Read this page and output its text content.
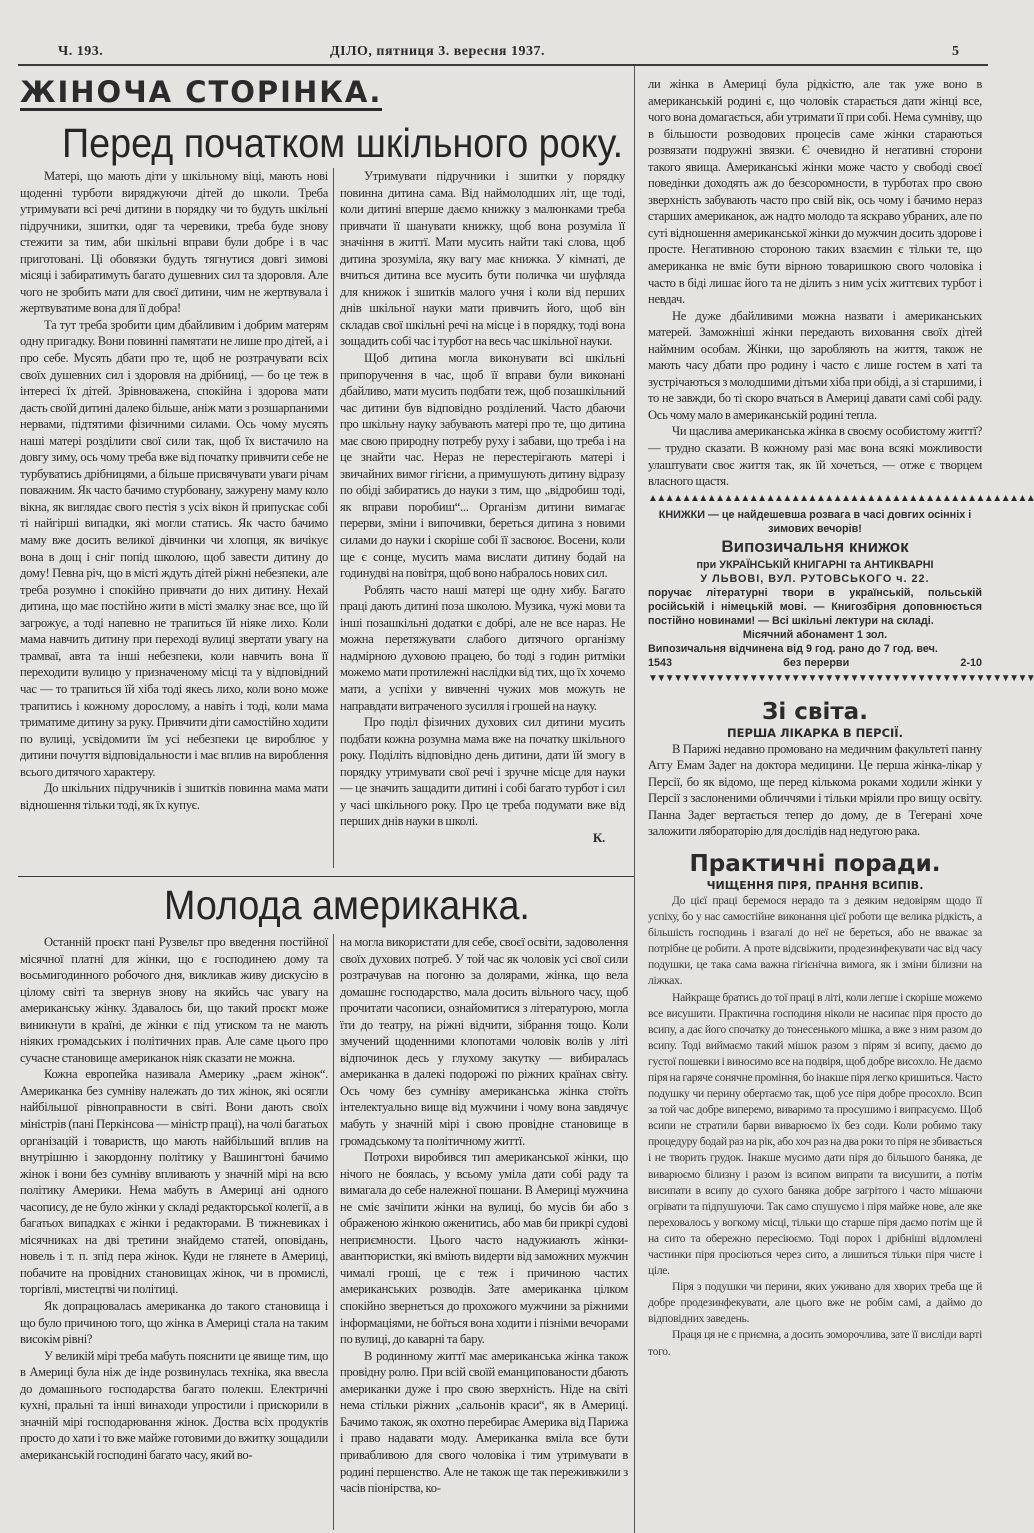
Ч. 193.	ДІЛО, пятниця 3. вересня 1937.	5
ЖІНОЧА СТОРІНКА.
Перед початком шкільного року.

Матері, що мають діти у шкільному віці, мають нові щоденні турботи виряджуючи дітей до школи. Треба утримувати всі речі дитини в порядку чи то будуть шкільні підручники, зшитки, одяг та черевики, треба буде знову стежити за тим, аби шкільні вправи були добре і в час приготовані. Ці обовязки будуть тягнутися довгі зимові місяці і забиратимуть багато душевних сил та здоровля. Але чого не зробить мати для своєї дитини, чим не жертвувала і жертвуватиме вона для її добра!

Та тут треба зробити цим дбайливим і добрим матерям одну пригадку. Вони повинні памятати не лише про дітей, а і про себе. Мусять дбати про те, щоб не розтрачувати всіх своїх душевних сил і здоровля на дрібниці, — бо це теж в інтересі їх дітей. Зрівноважена, спокійна і здорова мати дасть своїй дитині далеко більше, аніж мати з розшарпаними нервами, підтятими фізичними силами. Ось чому мусять наші матері розділити свої сили так, щоб їх вистачило на довгу зиму, ось чому треба вже від початку привчити себе не турбуватись дрібницями, а більше присвячувати уваги річам поважним. Як часто бачимо стурбовану, зажурену маму коло вікна, як виглядає свого пестія з усіх вікон й припускає собі ті найгірші випадки, які могли статись. Як часто бачимо маму вже досить великої дівчинки чи хлопця, як вичікує вона в дощ і сніг попід школою, щоб завести дитину до дому! Певна річ, що в місті ждуть дітей ріжні небезпеки, але треба розумно і спокійно привчати до них дитину. Нехай дитина, що має постійно жити в місті змалку знає все, що їй загрожує, а тоді напевно не трапиться їй ніяке лихо. Коли мама навчить дитину при переході вулиці звертати увагу на трамваї, авта та інші небезпеки, коли навчить вона її переходити вулицю у призначеному місці та у відповідний час — то трапиться їй хіба тоді якесь лихо, коли воно може трапитись і кожному дорослому, а навіть і тоді, коли мама триматиме дитину за руку. Привчити діти самостійно ходити по вулиці, усвідомити їм усі небезпеки це вироблює у дитини почуття відповідальности і має вплив на вироблення всього дитячого характеру.

До шкільних підручників і зшитків повинна мама мати відношення тільки тоді, як їх купує.

Утримувати підручники і зшитки у порядку повинна дитина сама. Від наймолодших літ, ще тоді, коли дитині вперше даємо книжку з малюнками треба привчати її шанувати книжку, щоб вона розуміла її значіння в життї. Мати мусить найти такі слова, щоб дитина зрозуміла, яку вагу має книжка. У кімнаті, де вчиться дитина все мусить бути поличка чи шуфляда для книжок і зшитків малого учня і коли від перших днів шкільної науки мати привчить його, щоб він складав свої шкільні речі на місце і в порядку, тоді вона зощадить собі час і турбот на весь час шкільної науки.

Щоб дитина могла виконувати всі шкільні припоручення в час, щоб її вправи були виконані дбайливо, мати мусить подбати теж, щоб позашкільний час дитини був відповідно розділений. Часто дбаючи про шкільну науку забувають матері про те, що дитина має свою природну потребу руху і забави, що треба і на це знайти час. Нераз не перестерігають матері і звичайних вимог гігієни, а примушують дитину відразу по обіді забиратись до науки з тим, що „відробиш тоді, як вправи поробиш“... Організм дитини вимагає перерви, зміни і випочивки, береться дитина з новими силами до науки і скоріше собі її засвоює. Восени, коли ще є сонце, мусить мама вислати дитину бодай на годинудві на повітря, щоб воно набралось нових сил.

Роблять часто наші матері ще одну хибу. Багато праці дають дитині поза школою. Музика, чужі мови та інші позашкільні додатки є добрі, але не все нараз. Не можна перетяжувати слабого дитячого організму надмірною духовою працею, бо тоді з годин ритміки можемо мати протилежні наслідки від тих, що їх хочемо мати, а успіхи у вивченні чужих мов можуть не направдати витраченого зусилля і грошей на науку.

Про поділ фізичних духових сил дитини мусить подбати кожна розумна мама вже на початку шкільного року. Поділіть відповідно день дитини, дати їй змогу в порядку утримувати свої речі і зручне місце для науки — це значить защадити дитині і собі багато турбот і сил у часі шкільного року. Про це треба подумати вже від перших днів науки в школі.

К.

Молода американка.

Останній проєкт пані Рузвельт про введення постійної місячної платні для жінки, що є господинею дому та восьмигодинного робочого дня, викликав живу дискусію в цілому світі та звернув знову на якийсь час увагу на американську жінку. Здавалось би, що такий проєкт може виникнути в країні, де жінки є під утиском та не мають ніяких громадських і політичних прав. Але саме цього про сучасне становище американок ніяк сказати не можна.

Кожна европейка називала Америку „раєм жінок“. Американка без сумніву належать до тих жінок, які осягли найбільшої рівноправности в світі. Вони дають своїх міністрів (пані Перкінсова — міністр праці), на чолі багатьох організацій і товариств, що мають найбільший вплив на внутрішню і закордонну політику у Вашингтоні бачимо жінок і вони без сумніву впливають у значній мірі на всю політику Америки. Нема мабуть в Америці ані одного часопису, де не було жінки у складі редакторської колегії, а в багатьох випадках є жінки і редакторами. В тижневиках і місячниках на дві третини знайдемо статей, оповідань, новель і т. п. зпід пера жінок. Куди не глянете в Америці, побачите на провідних становищах жінок, чи в промислі, торгівлі, мистецтві чи політиці.

Як допрацювалась американка до такого становища і що було причиною того, що жінка в Америці стала на таким високім рівні?

У великій мірі треба мабуть пояснити це явище тим, що в Америці була ніж де інде розвинулась техніка, яка ввесла до домашнього господарства багато полекш. Електричні кухні, пральні та інші винаходи упростили і прискорили в значній мірі господарювання жінок. Доства всіх продуктів просто до хати і то вже майже готовими до вжитку зощадили американській господині багато часу, який во-

на могла використати для себе, своєї освіти, задоволення своїх духових потреб. У той час як чоловік усі свої сили розтрачував на погоню за долярами, жінка, що вела домашнє господарство, мала досить вільного часу, щоб прочитати часописи, ознайомитися з літературою, могла їти до театру, на ріжні відчити, зібрання тощо. Коли змучений щоденними клопотами чоловік волів у літі відпочинок десь у глухому закутку — вибиралась американка в далекі подорожі по ріжних країнах світу. Ось чому без сумніву американська жінка стоїть інтелектуально вище від мужчини і чому вона завдячує мабуть у значній мірі і свою провідне становище в громадському та політичному життї.

Потрохи виробився тип американської жінки, що нічого не боялась, у всьому уміла дати собі раду та вимагала до себе належної пошани. В Америці мужчина не сміє зачіпити жінки на вулиці, бо мусів би або з ображеною жінкою оженитись, або мав би прикрі судові неприємности. Цього часто надужиають жінки-авантюристки, які вміють видерти від заможних мужчин чималі гроші, це є теж і причиною частих американських розводів. Зате американка цілком спокійно звернеться до прохожого мужчини за ріжними інформаціями, не боїться вона ходити і пізніми вечорами по вулиці, до каварні та бару.

В родинному життї має американська жінка також провідну ролю. При всій своїй еманципованости дбають американки дуже і про свою зверхність. Ніде на світі нема стільки ріжних „сальонів краси“, як в Америці. Бачимо також, як охотно перебирає Америка від Парижа і право надавати моду. Американка вміла все бути привабливою для свого чоловіка і тим утримувати в родині першенство. Але не також ще так переживжили з часів піонірства, ко-

ли жінка в Америці була рідкістю, але так уже воно в американській родині є, що чоловік старається дати жінці все, чого вона домагається, аби утримати її при собі. Нема сумніву, що в більшости розводових процесів саме жінки стараються розвязати подружні звязки. Є очевидно й негативні сторони такого явища. Американські жінки може часто у свободі своєї поведінки доходять аж до безсоромности, в турботах про свою зверхність забувають часто про свій вік, ось чому і бачимо нераз старших американок, аж надто молодо та яскраво убраних, але по суті відношення американської жінки до мужчин досить здорове і просте. Негативною стороною таких взаємин є тільки те, що американка не вміє бути вірною товаришкою свого чоловіка і часто в біді лишає його та не ділить з ним усіх життєвих турбот і невдач.

Не дуже дбайливими можна назвати і американських матерей. Заможніші жінки передають виховання своїх дітей наймним особам. Жінки, що заробляють на життя, також не мають часу дбати про родину і часто є лише гостем в хаті та зустрічаються з молодшими дітьми хіба при обіді, а зі старшими, і то не завжди, бо ті скоро вчаться в Америці давати самі собі раду. Ось чому мало в американській родині тепла.

Чи щаслива американська жінка в своєму особистому життї? — трудно сказати. В кожному разі має вона всякі можливости улаштувати своє життя так, як їй хочеться, — отже є творцем власного щастя.

▲▲▲▲▲▲▲▲▲▲▲▲▲▲▲▲▲▲▲▲▲▲▲▲▲▲▲▲▲▲▲▲▲▲▲▲▲▲▲▲▲▲▲▲▲▲
КНИЖКИ — це найдешевша розвага в часі довгих осінніх і зимових вечорів!
Випозичальня книжок
при УКРАЇНСЬКІЙ КНИГАРНІ та АНТИКВАРНІ
У ЛЬВОВІ, ВУЛ. РУТОВСЬКОГО ч. 22.
поручає літературні твори в українській, польській російській і німецькій мові. — Книгозбірня доповнюється постійно новинами! — Всі шкільні лектури на складі.
Місячний абонамент 1 зол.
Випозичальня відчинена від 9 год. рано до 7 год. веч.
1543	без перерви	2-10
▼▼▼▼▼▼▼▼▼▼▼▼▼▼▼▼▼▼▼▼▼▼▼▼▼▼▼▼▼▼▼▼▼▼▼▼▼▼▼▼▼▼▼▼▼▼
Зі світа.
ПЕРША ЛІКАРКА В ПЕРСІЇ.

В Парижі недавно промовано на медичним факультеті панну Аггу Емам Задег на доктора медицини. Це перша жінка-лікар у Персії, бо як відомо, ще перед кількома роками ходили жінки у Персії з заслоненими обличчями і тільки мріяли про вищу освіту. Панна Задег вертається тепер до дому, де в Тегерані хоче заложити лябораторію для дослідів над недугою рака.

Практичні поради.
ЧИЩЕННЯ ПІРЯ, ПРАННЯ ВСИПІВ.

До цієї праці беремося нерадо та з деяким недовірям щодо її успіху, бо у нас самостійне виконання цієї роботи ще велика рідкість, а більшість господинь і взагалі до неї не береться, або не вважає за потрібне це робити. А проте відсвіжити, продезинфекувати час від часу подушки, це така сама важна гігієнічна вимога, як і зміни білизни на ліжках.

Найкраще братись до тої праці в літі, коли легше і скоріше можемо все висушити. Практична господиня ніколи не насипає піря просто до всипу, а дає його спочатку до тонесенького мішка, а вже з ним разом до всипу. Тоді виймаємо такий мішок разом з пірям зі всипу, даємо до густої пошевки і виносимо все на подвіря, щоб добре висохло. Не даємо піря на гаряче сонячне проміння, бо інакше піря легко кришиться. Часто подушку чи перину обертаємо так, щоб усе піря добре просохло. Всип за той час добре виперемо, виваримо та просушимо і випрасуємо. Щоб всипи не стратили барви виварюємо їх без соди. Коли робимо таку процедуру бодай раз на рік, або хоч раз на два роки то піря не збивається і не творить грудок. Інакше мусимо дати піря до більшого баняка, де виварюємо білизну і разом із всипом випрати та висушити, а потім висипати в всипу до сухого баняка добре загрітого і часто мішаючи огрівати та підпушуючи. Так само спушуємо і піря майже нове, але яке переховалось у вогкому місці, тільки що старше піря даємо потім ще й на сито та обережно пересіюємо. Тоді порох і дрібніші відломлені частинки піря просіються через сито, а лишиться тільки піря чисте і ціле.

Піря з подушки чи перини, яких уживано для хворих треба ще й добре продезинфекувати, але цього вже не робім самі, а даймо до відповідних заведень.

Праця ця не є приємна, а досить зоморочлива, зате її висліди варті того.
